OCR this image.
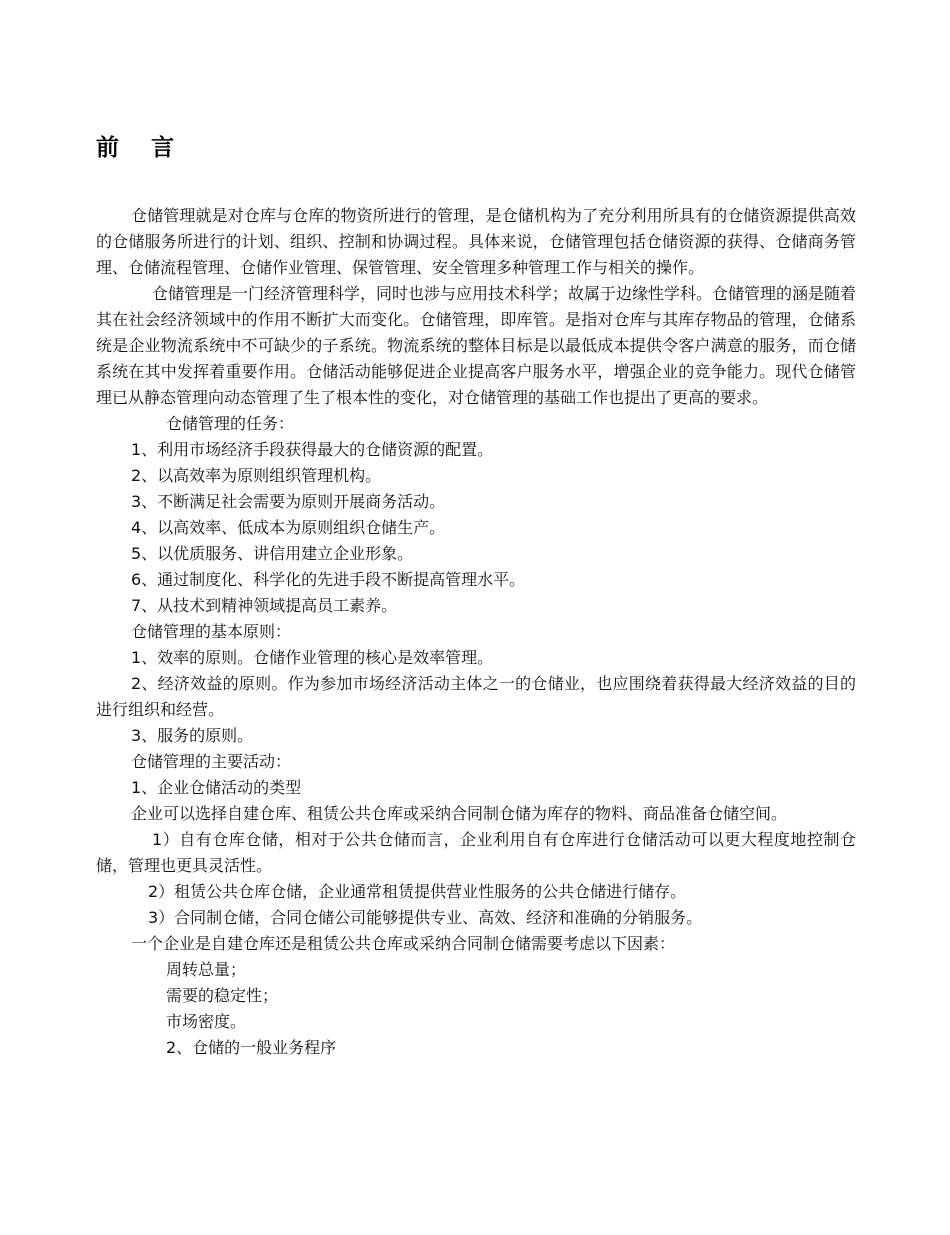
前 言

仓储管理就是对仓库与仓库的物资所进行的管理，是仓储机构为了充分利用所具有的仓储资源提供高效的仓储服务所进行的计划、组织、控制和协调过程。具体来说，仓储管理包括仓储资源的获得、仓储商务管理、仓储流程管理、仓储作业管理、保管管理、安全管理多种管理工作与相关的操作。

仓储管理是一门经济管理科学，同时也涉与应用技术科学；故属于边缘性学科。仓储管理的涵是随着其在社会经济领域中的作用不断扩大而变化。仓储管理，即库管。是指对仓库与其库存物品的管理，仓储系统是企业物流系统中不可缺少的子系统。物流系统的整体目标是以最低成本提供令客户满意的服务，而仓储系统在其中发挥着重要作用。仓储活动能够促进企业提高客户服务水平，增强企业的竞争能力。现代仓储管理已从静态管理向动态管理了生了根本性的变化，对仓储管理的基础工作也提出了更高的要求。

仓储管理的任务：

1、利用市场经济手段获得最大的仓储资源的配置。

2、以高效率为原则组织管理机构。

3、不断满足社会需要为原则开展商务活动。

4、以高效率、低成本为原则组织仓储生产。

5、以优质服务、讲信用建立企业形象。

6、通过制度化、科学化的先进手段不断提高管理水平。

7、从技术到精神领域提高员工素养。

仓储管理的基本原则：

1、效率的原则。仓储作业管理的核心是效率管理。

2、经济效益的原则。作为参加市场经济活动主体之一的仓储业，也应围绕着获得最大经济效益的目的进行组织和经营。

3、服务的原则。

仓储管理的主要活动：

1、企业仓储活动的类型

企业可以选择自建仓库、租赁公共仓库或采纳合同制仓储为库存的物料、商品准备仓储空间。

1）自有仓库仓储，相对于公共仓储而言，企业利用自有仓库进行仓储活动可以更大程度地控制仓储，管理也更具灵活性。

2）租赁公共仓库仓储，企业通常租赁提供营业性服务的公共仓储进行储存。

3）合同制仓储，合同仓储公司能够提供专业、高效、经济和准确的分销服务。

一个企业是自建仓库还是租赁公共仓库或采纳合同制仓储需要考虑以下因素：

周转总量；

需要的稳定性；

市场密度。

2、仓储的一般业务程序
